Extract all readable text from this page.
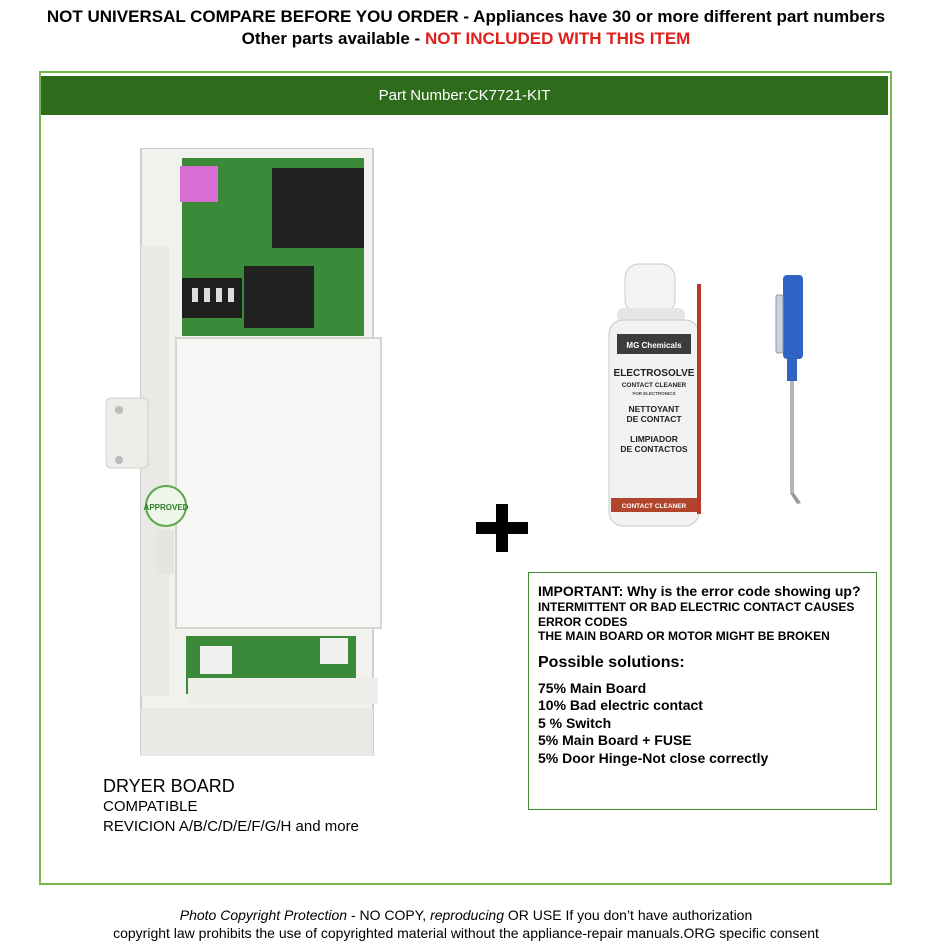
NOT UNIVERSAL COMPARE BEFORE YOU ORDER - Appliances have 30 or more different part numbers
Other parts available - NOT INCLUDED WITH THIS ITEM
Part Number:CK7721-KIT
APPROVED
DRYER BOARD
COMPATIBLE
REVICION A/B/C/D/E/F/G/H and more
MG Chemicals
ELECTROSOLVE
CONTACT CLEANER
FOR ELECTRONICS
NETTOYANT
DE CONTACT
LIMPIADOR
DE CONTACTOS
CONTACT CLEANER
IMPORTANT: Why is the error code showing up?
INTERMITTENT OR BAD ELECTRIC CONTACT CAUSES ERROR CODES
THE MAIN BOARD OR MOTOR MIGHT BE BROKEN
Possible solutions:
75% Main Board
10% Bad electric contact
5 % Switch
5% Main Board + FUSE
5% Door Hinge-Not close correctly
Photo Copyright Protection - NO COPY, reproducing OR USE If you don’t have authorization
copyright law prohibits the use of copyrighted material without the appliance-repair manuals.ORG specific consent
